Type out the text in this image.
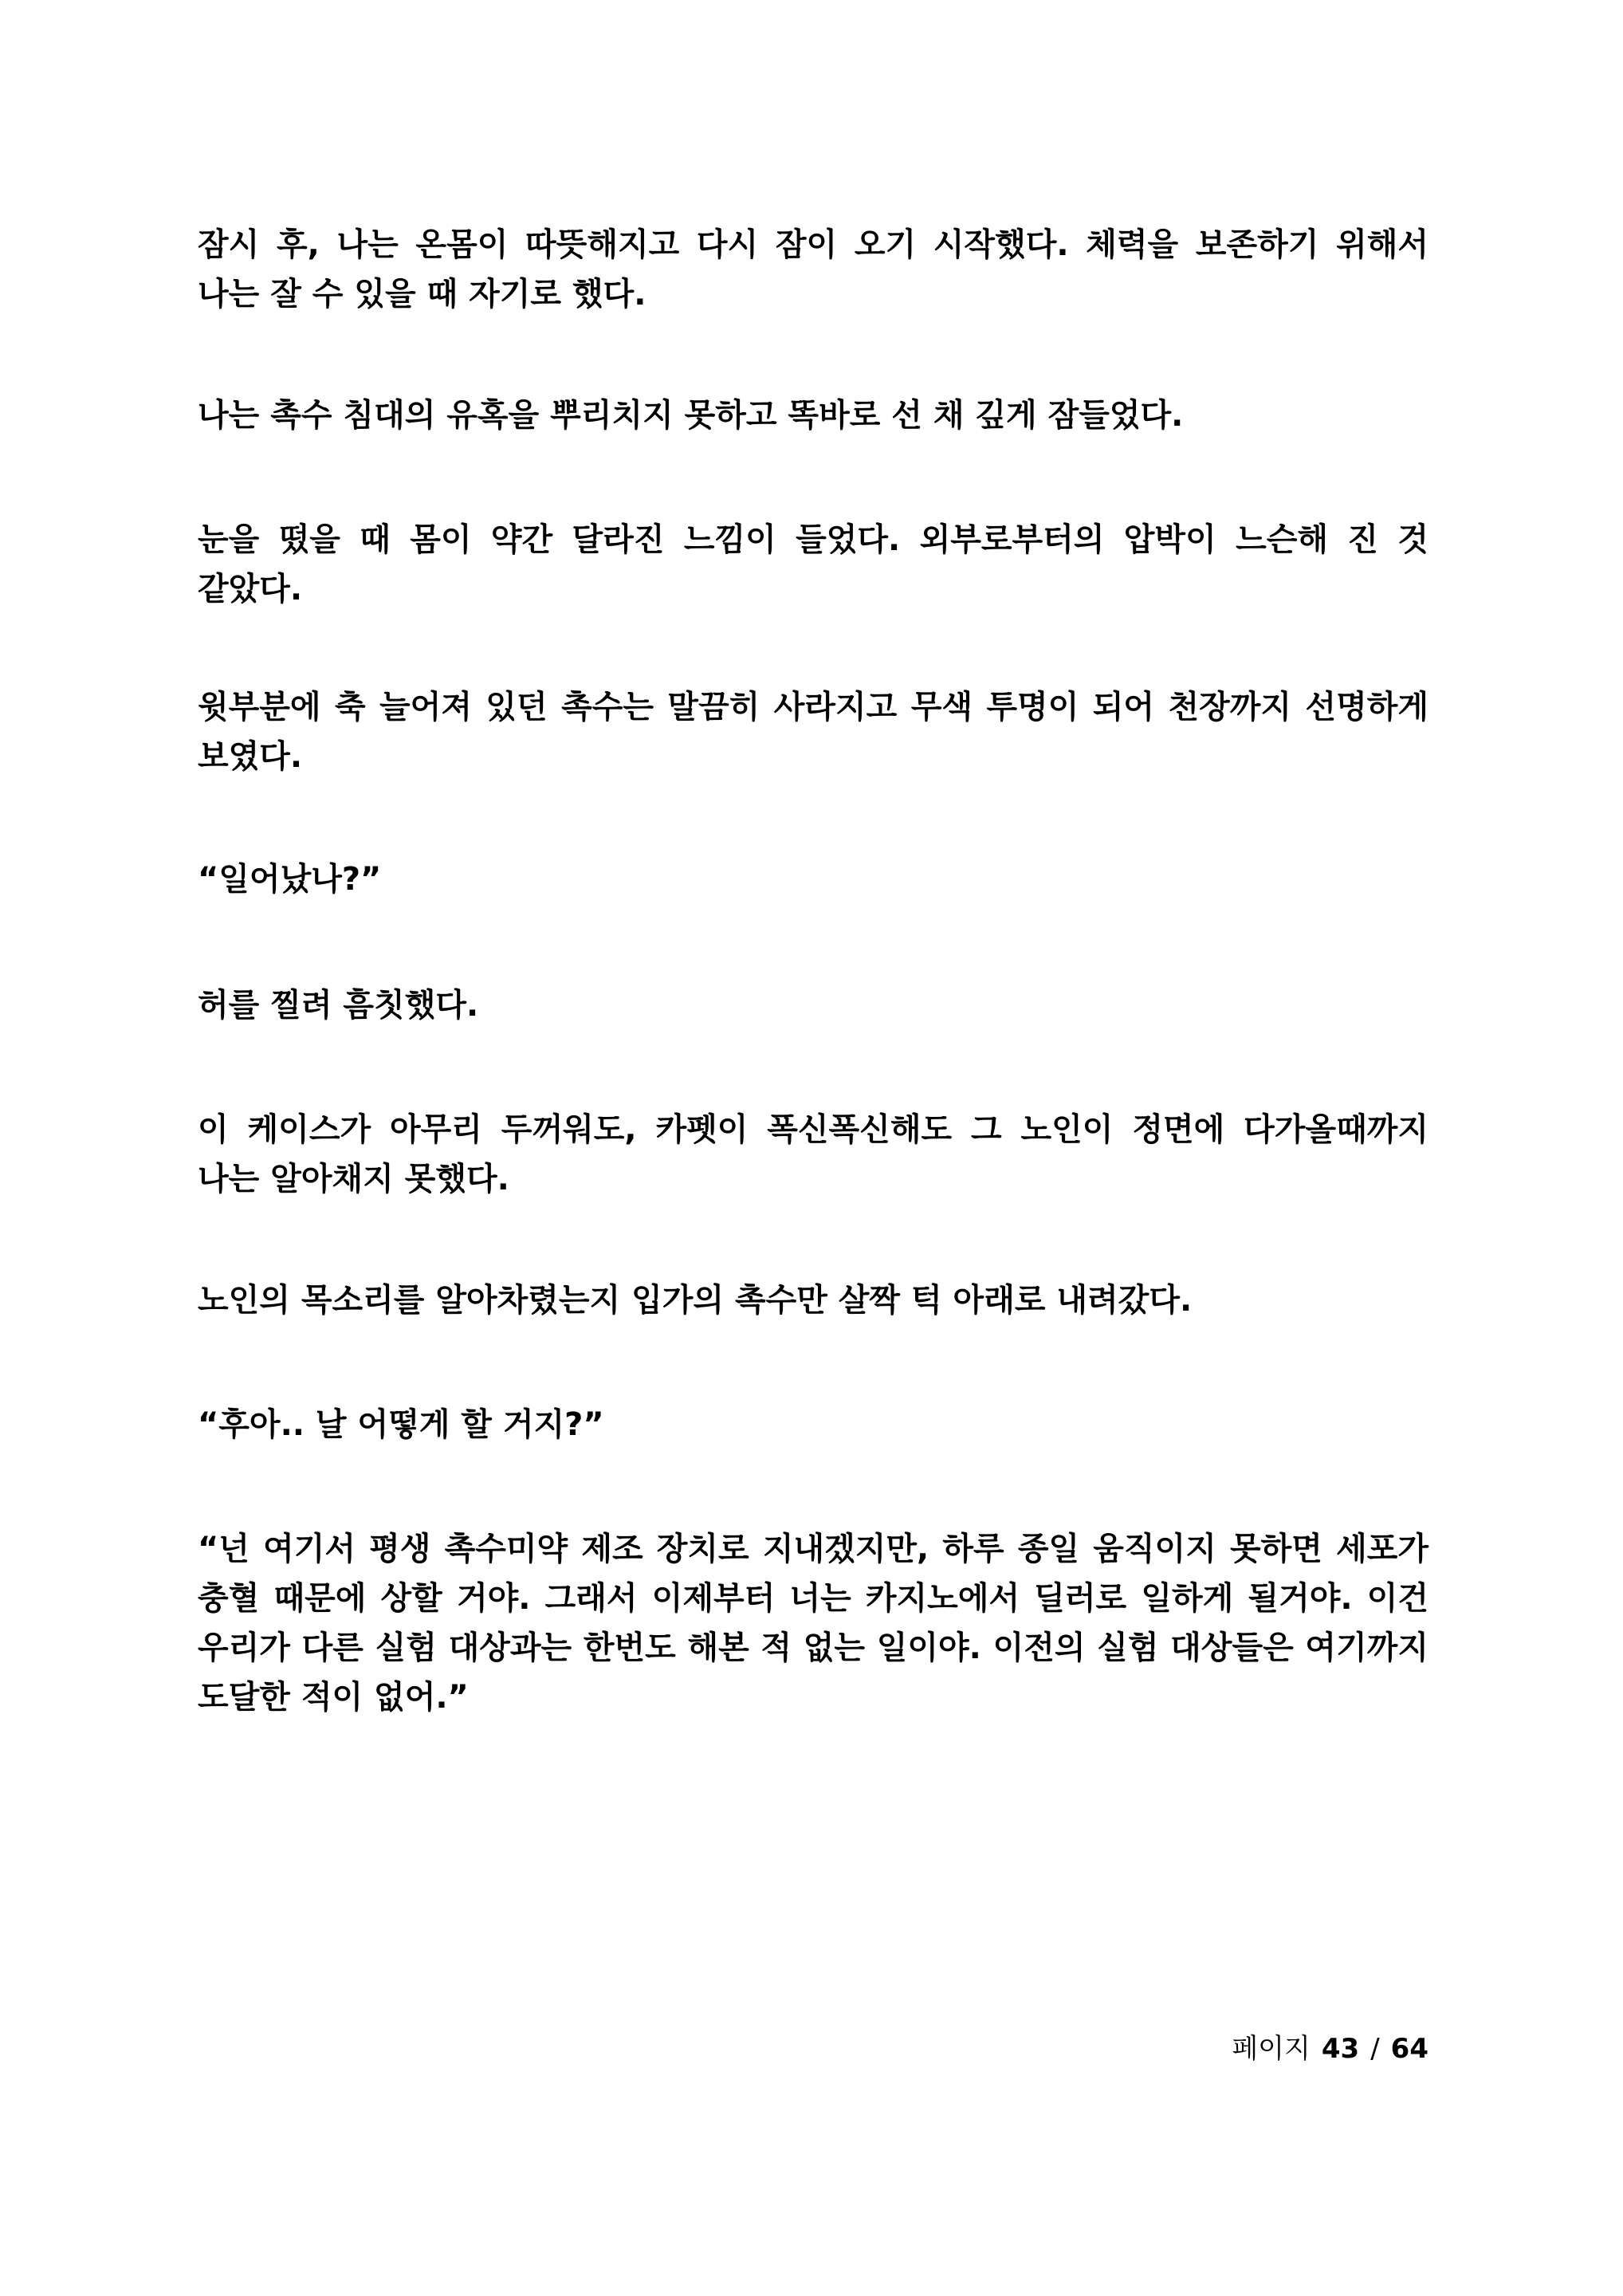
잠시 후, 나는 온몸이 따뜻해지고 다시 잠이 오기 시작했다. 체력을 보존하기 위해서 나는 잘 수 있을 때 자기로 했다.

나는 촉수 침대의 유혹을 뿌리치지 못하고 똑바로 선 채 깊게 잠들었다.

눈을 떴을 때 몸이 약간 달라진 느낌이 들었다. 외부로부터의 압박이 느슨해 진 것 같았다.

윗부분에 축 늘어져 있던 촉수는 말끔히 사라지고 무색 투명이 되어 천장까지 선명하게 보였다.

“일어났나?”

허를 찔려 흠칫했다.

이 케이스가 아무리 두꺼워도, 카펫이 폭신폭신해도 그 노인이 정면에 다가올때까지 나는 알아채지 못했다.

노인의 목소리를 알아차렸는지 입가의 촉수만 살짝 턱 아래로 내려갔다.

“후아.. 날 어떻게 할 거지?”

“넌 여기서 평생 촉수미약 제조 장치로 지내겠지만, 하루 종일 움직이지 못하면 세포가 충혈 때문에 상할 거야. 그래서 이제부터 너는 카지노에서 딜러로 일하게 될거야. 이건 우리가 다른 실험 대상과는 한번도 해본 적 없는 일이야. 이전의 실험 대상들은 여기까지 도달한 적이 없어.”

페이지 43 / 64
